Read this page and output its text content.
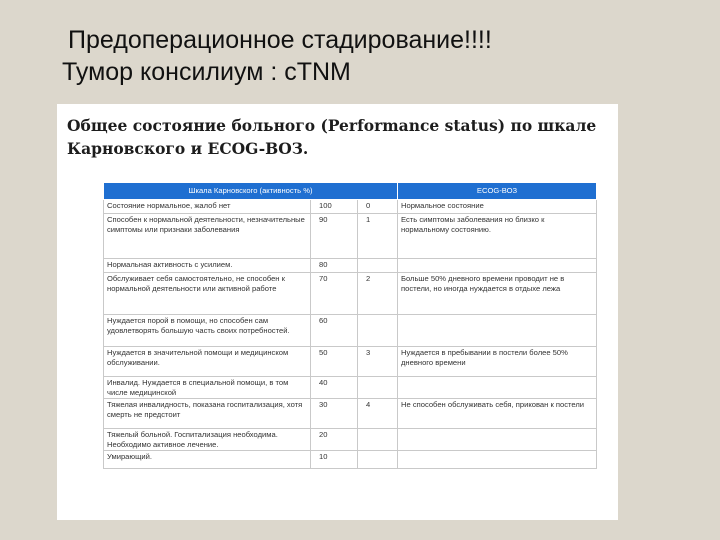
Предоперационное стадирование!!!!
Тумор консилиум : сTNM
Общее состояние больного (Performance status) по шкале Карновского и ECOG-ВОЗ.
Шкала Карновского (активность %)			ECOG-ВОЗ
Состояние нормальное, жалоб нет	100	0	Нормальное состояние
Способен к нормальной деятельности, незначительные симптомы или признаки заболевания	90	1	Есть симптомы заболевания но близко к нормальному состоянию.
Нормальная активность с усилием.	80		
Обслуживает себя самостоятельно, не способен к нормальной деятельности или активной работе	70	2	Больше 50% дневного времени проводит не в постели, но иногда нуждается в отдыхе лежа
Нуждается порой в помощи, но способен сам удовлетворять большую часть своих потребностей.	60		
Нуждается в значительной помощи и медицинском обслуживании.	50	3	Нуждается в пребывании в постели более 50% дневного времени
Инвалид. Нуждается в специальной помощи, в том числе медицинской	40		
Тяжелая инвалидность, показана госпитализация, хотя смерть не предстоит	30	4	Не способен обслуживать себя, прикован к постели
Тяжелый больной. Госпитализация необходима. Необходимо активное лечение.	20		
Умирающий.	10		
